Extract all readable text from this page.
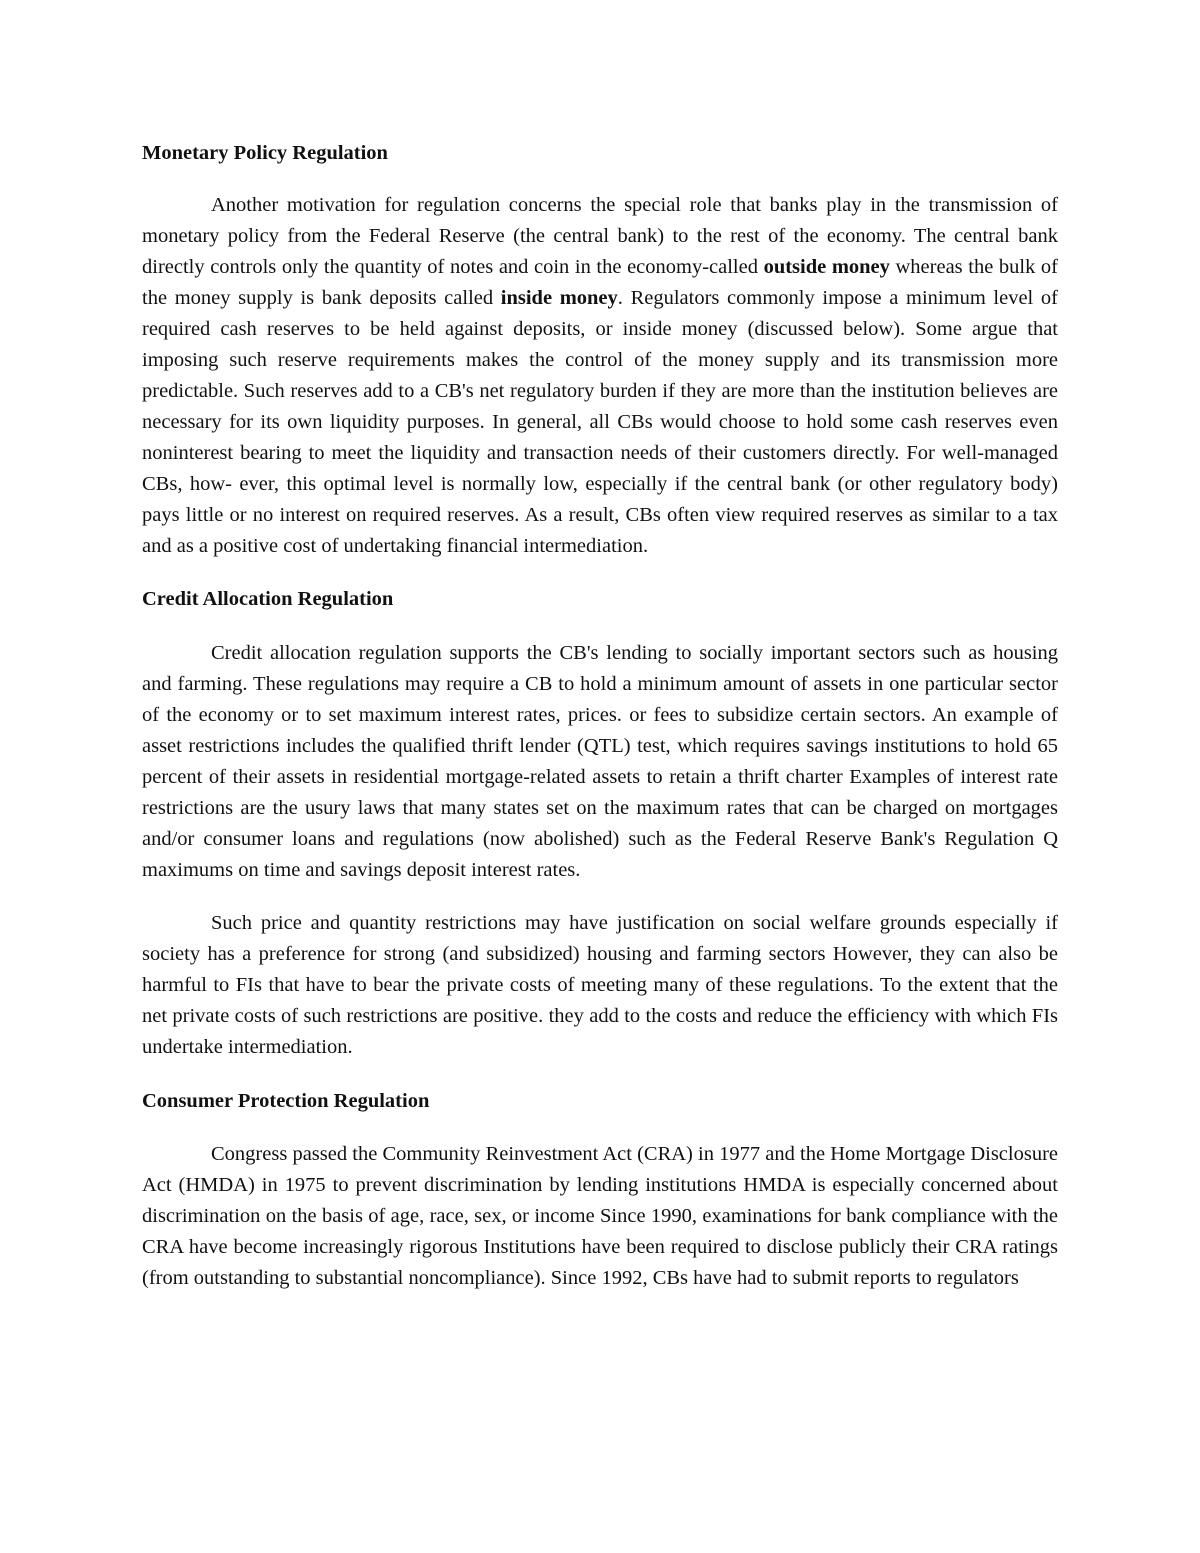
Monetary Policy Regulation

Another motivation for regulation concerns the special role that banks play in the transmission of monetary policy from the Federal Reserve (the central bank) to the rest of the economy. The central bank directly controls only the quantity of notes and coin in the economy-called outside money whereas the bulk of the money supply is bank deposits called inside money. Regulators commonly impose a minimum level of required cash reserves to be held against deposits, or inside money (discussed below). Some argue that imposing such reserve requirements makes the control of the money supply and its transmission more predictable. Such reserves add to a CB's net regulatory burden if they are more than the institution believes are necessary for its own liquidity purposes. In general, all CBs would choose to hold some cash reserves even noninterest bearing to meet the liquidity and transaction needs of their customers directly. For well-managed CBs, how- ever, this optimal level is normally low, especially if the central bank (or other regulatory body) pays little or no interest on required reserves. As a result, CBs often view required reserves as similar to a tax and as a positive cost of undertaking financial intermediation.

Credit Allocation Regulation

Credit allocation regulation supports the CB's lending to socially important sectors such as housing and farming. These regulations may require a CB to hold a minimum amount of assets in one particular sector of the economy or to set maximum interest rates, prices. or fees to subsidize certain sectors. An example of asset restrictions includes the qualified thrift lender (QTL) test, which requires savings institutions to hold 65 percent of their assets in residential mortgage-related assets to retain a thrift charter Examples of interest rate restrictions are the usury laws that many states set on the maximum rates that can be charged on mortgages and/or consumer loans and regulations (now abolished) such as the Federal Reserve Bank's Regulation Q maximums on time and savings deposit interest rates.

Such price and quantity restrictions may have justification on social welfare grounds especially if society has a preference for strong (and subsidized) housing and farming sectors However, they can also be harmful to FIs that have to bear the private costs of meeting many of these regulations. To the extent that the net private costs of such restrictions are positive. they add to the costs and reduce the efficiency with which FIs undertake intermediation.

Consumer Protection Regulation

Congress passed the Community Reinvestment Act (CRA) in 1977 and the Home Mortgage Disclosure Act (HMDA) in 1975 to prevent discrimination by lending institutions HMDA is especially concerned about discrimination on the basis of age, race, sex, or income Since 1990, examinations for bank compliance with the CRA have become increasingly rigorous Institutions have been required to disclose publicly their CRA ratings (from outstanding to substantial noncompliance). Since 1992, CBs have had to submit reports to regulators
